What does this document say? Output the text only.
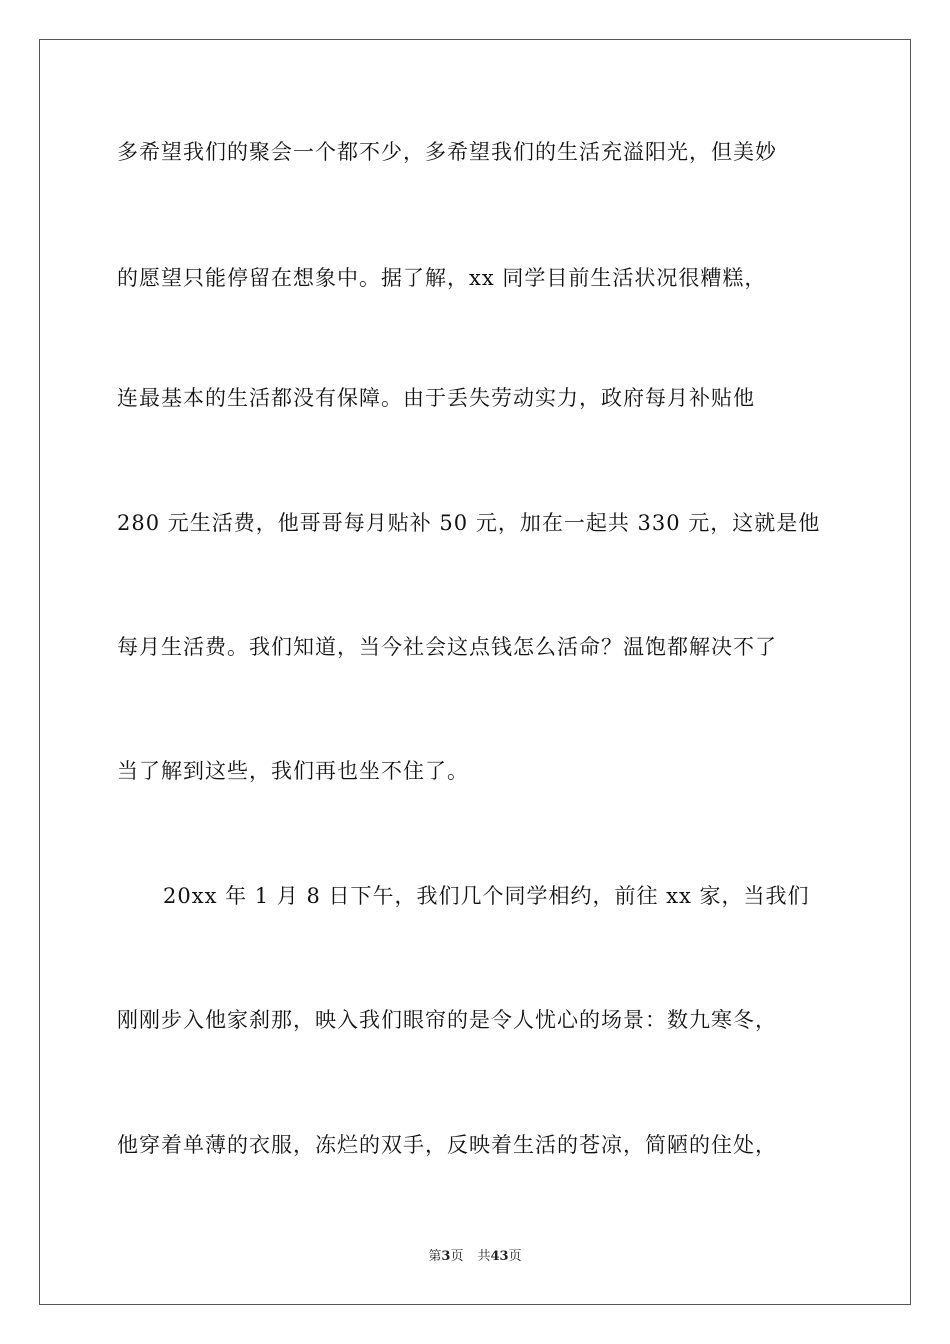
多希望我们的聚会一个都不少，多希望我们的生活充溢阳光，但美妙
的愿望只能停留在想象中。据了解，xx 同学目前生活状况很糟糕，
连最基本的生活都没有保障。由于丢失劳动实力，政府每月补贴他
280 元生活费，他哥哥每月贴补 50 元，加在一起共 330 元，这就是他
每月生活费。我们知道，当今社会这点钱怎么活命？温饱都解决不了
当了解到这些，我们再也坐不住了。
20xx 年 1 月 8 日下午，我们几个同学相约，前往 xx 家，当我们
刚刚步入他家刹那，映入我们眼帘的是令人忧心的场景：数九寒冬，
他穿着单薄的衣服，冻烂的双手，反映着生活的苍凉，简陋的住处，
第3页 共43页
